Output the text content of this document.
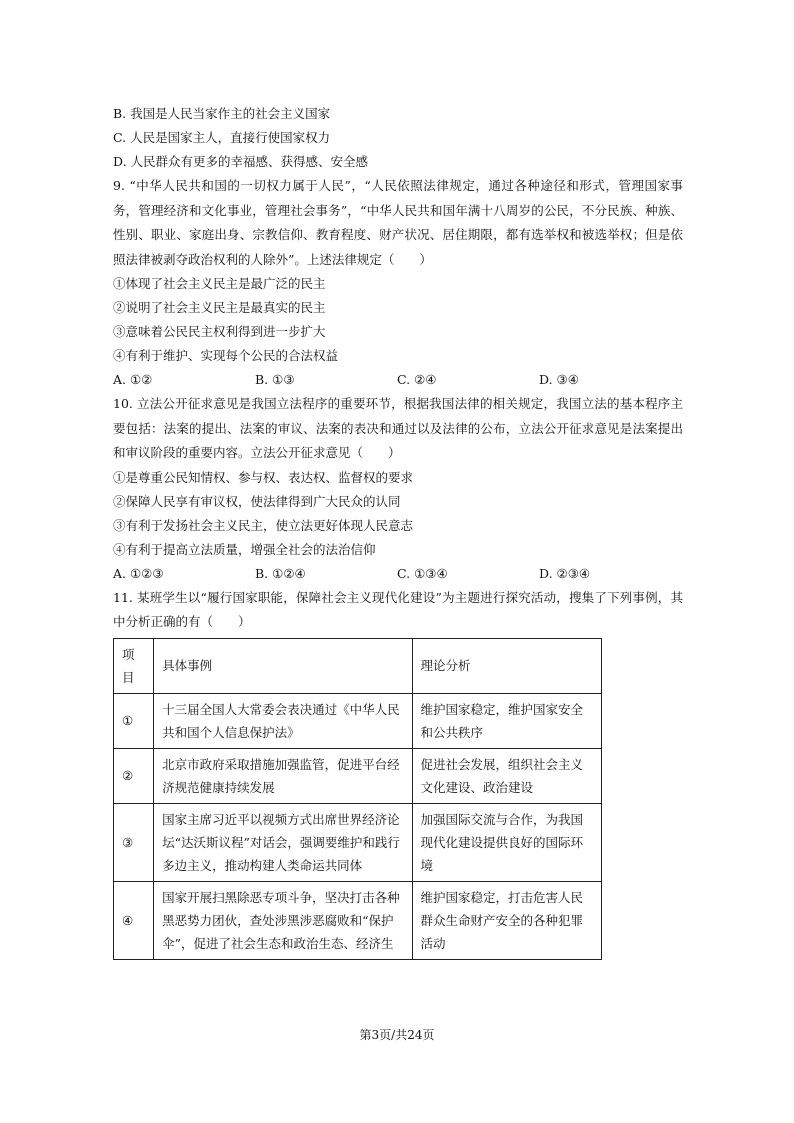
B. 我国是人民当家作主的社会主义国家
C. 人民是国家主人，直接行使国家权力
D. 人民群众有更多的幸福感、获得感、安全感
9. “中华人民共和国的一切权力属于人民”，“人民依照法律规定，通过各种途径和形式，管理国家事务，管理经济和文化事业，管理社会事务”，“中华人民共和国年满十八周岁的公民，不分民族、种族、性别、职业、家庭出身、宗教信仰、教育程度、财产状况、居住期限，都有选举权和被选举权；但是依照法律被剥夺政治权利的人除外”。上述法律规定（　　）
①体现了社会主义民主是最广泛的民主
②说明了社会主义民主是最真实的民主
③意味着公民民主权利得到进一步扩大
④有利于维护、实现每个公民的合法权益
A. ①②	B. ①③	C. ②④	D. ③④
10. 立法公开征求意见是我国立法程序的重要环节，根据我国法律的相关规定，我国立法的基本程序主要包括：法案的提出、法案的审议、法案的表决和通过以及法律的公布，立法公开征求意见是法案提出和审议阶段的重要内容。立法公开征求意见（　　）
①是尊重公民知情权、参与权、表达权、监督权的要求
②保障人民享有审议权，使法律得到广大民众的认同
③有利于发扬社会主义民主，使立法更好体现人民意志
④有利于提高立法质量，增强全社会的法治信仰
A. ①②③	B. ①②④	C. ①③④	D. ②③④
11. 某班学生以“履行国家职能，保障社会主义现代化建设”为主题进行探究活动，搜集了下列事例，其中分析正确的有（　　）
项目	具体事例	理论分析
①	十三届全国人大常委会表决通过《中华人民共和国个人信息保护法》	维护国家稳定，维护国家安全和公共秩序
②	北京市政府采取措施加强监管，促进平台经济规范健康持续发展	促进社会发展，组织社会主义文化建设、政治建设
③	国家主席习近平以视频方式出席世界经济论坛“达沃斯议程”对话会，强调要维护和践行多边主义，推动构建人类命运共同体	加强国际交流与合作，为我国现代化建设提供良好的国际环境
④	国家开展扫黑除恶专项斗争，坚决打击各种黑恶势力团伙，查处涉黑涉恶腐败和“保护伞”，促进了社会生态和政治生态、经济生	维护国家稳定，打击危害人民群众生命财产安全的各种犯罪活动
第3页/共24页
